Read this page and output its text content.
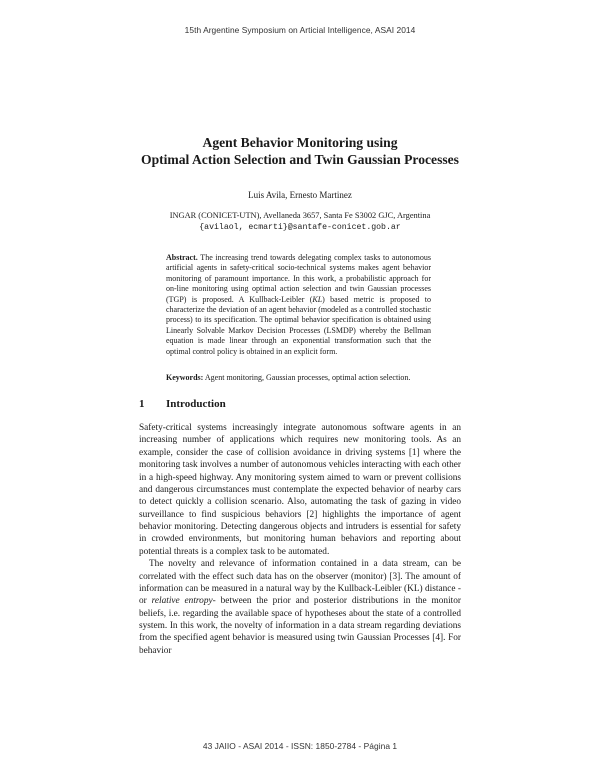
15th Argentine Symposium on Articial Intelligence, ASAI 2014
Agent Behavior Monitoring using
Optimal Action Selection and Twin Gaussian Processes
Luis Avila, Ernesto Martinez
INGAR (CONICET-UTN), Avellaneda 3657, Santa Fe S3002 GJC, Argentina
{avilaol, ecmarti}@santafe-conicet.gob.ar
Abstract. The increasing trend towards delegating complex tasks to autonomous artificial agents in safety-critical socio-technical systems makes agent behavior monitoring of paramount importance. In this work, a probabilistic approach for on-line monitoring using optimal action selection and twin Gaussian processes (TGP) is proposed. A Kullback-Leibler (KL) based metric is proposed to characterize the deviation of an agent behavior (modeled as a controlled stochastic process) to its specification. The optimal behavior specification is obtained using Linearly Solvable Markov Decision Processes (LSMDP) whereby the Bellman equation is made linear through an exponential transformation such that the optimal control policy is obtained in an explicit form.
Keywords: Agent monitoring, Gaussian processes, optimal action selection.
1 Introduction

Safety-critical systems increasingly integrate autonomous software agents in an increasing number of applications which requires new monitoring tools. As an example, consider the case of collision avoidance in driving systems [1] where the monitoring task involves a number of autonomous vehicles interacting with each other in a high-speed highway. Any monitoring system aimed to warn or prevent collisions and dangerous circumstances must contemplate the expected behavior of nearby cars to detect quickly a collision scenario. Also, automating the task of gazing in video surveillance to find suspicious behaviors [2] highlights the importance of agent behavior monitoring. Detecting dangerous objects and intruders is essential for safety in crowded environments, but monitoring human behaviors and reporting about potential threats is a complex task to be automated.

The novelty and relevance of information contained in a data stream, can be correlated with the effect such data has on the observer (monitor) [3]. The amount of information can be measured in a natural way by the Kullback-Leibler (KL) distance -or relative entropy- between the prior and posterior distributions in the monitor beliefs, i.e. regarding the available space of hypotheses about the state of a controlled system. In this work, the novelty of information in a data stream regarding deviations from the specified agent behavior is measured using twin Gaussian Processes [4]. For behavior

43 JAIIO - ASAI 2014 - ISSN: 1850-2784 - Página 1
